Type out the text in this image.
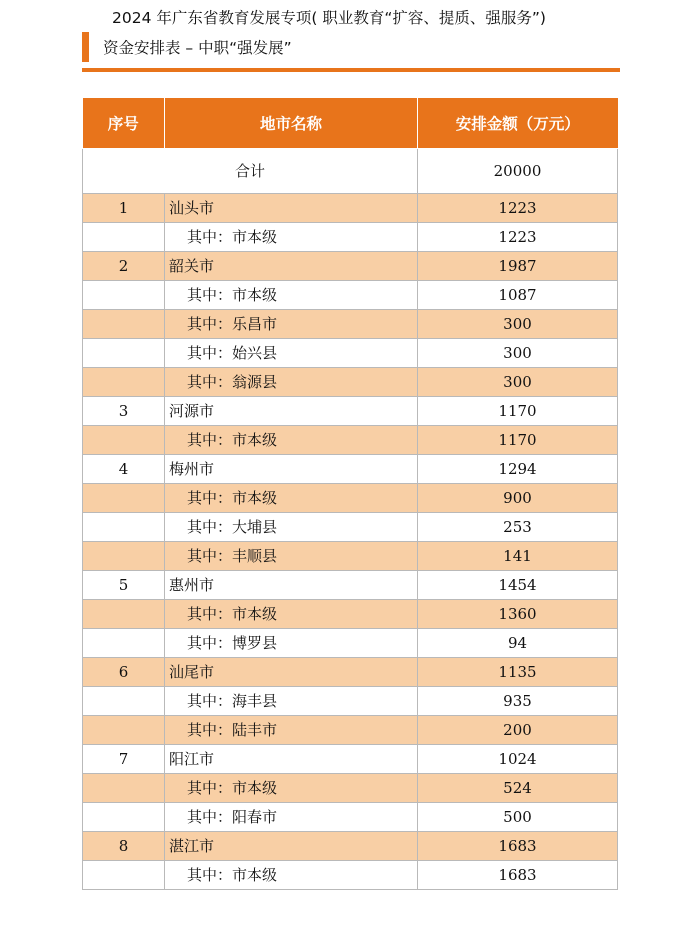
2024 年广东省教育发展专项( 职业教育“扩容、提质、强服务”)
资金安排表 – 中职“强发展”
序号	地市名称	安排金额（万元）
合计		20000
1	汕头市	1223
	其中：市本级	1223
2	韶关市	1987
	其中：市本级	1087
	其中：乐昌市	300
	其中：始兴县	300
	其中：翁源县	300
3	河源市	1170
	其中：市本级	1170
4	梅州市	1294
	其中：市本级	900
	其中：大埔县	253
	其中：丰顺县	141
5	惠州市	1454
	其中：市本级	1360
	其中：博罗县	94
6	汕尾市	1135
	其中：海丰县	935
	其中：陆丰市	200
7	阳江市	1024
	其中：市本级	524
	其中：阳春市	500
8	湛江市	1683
	其中：市本级	1683
